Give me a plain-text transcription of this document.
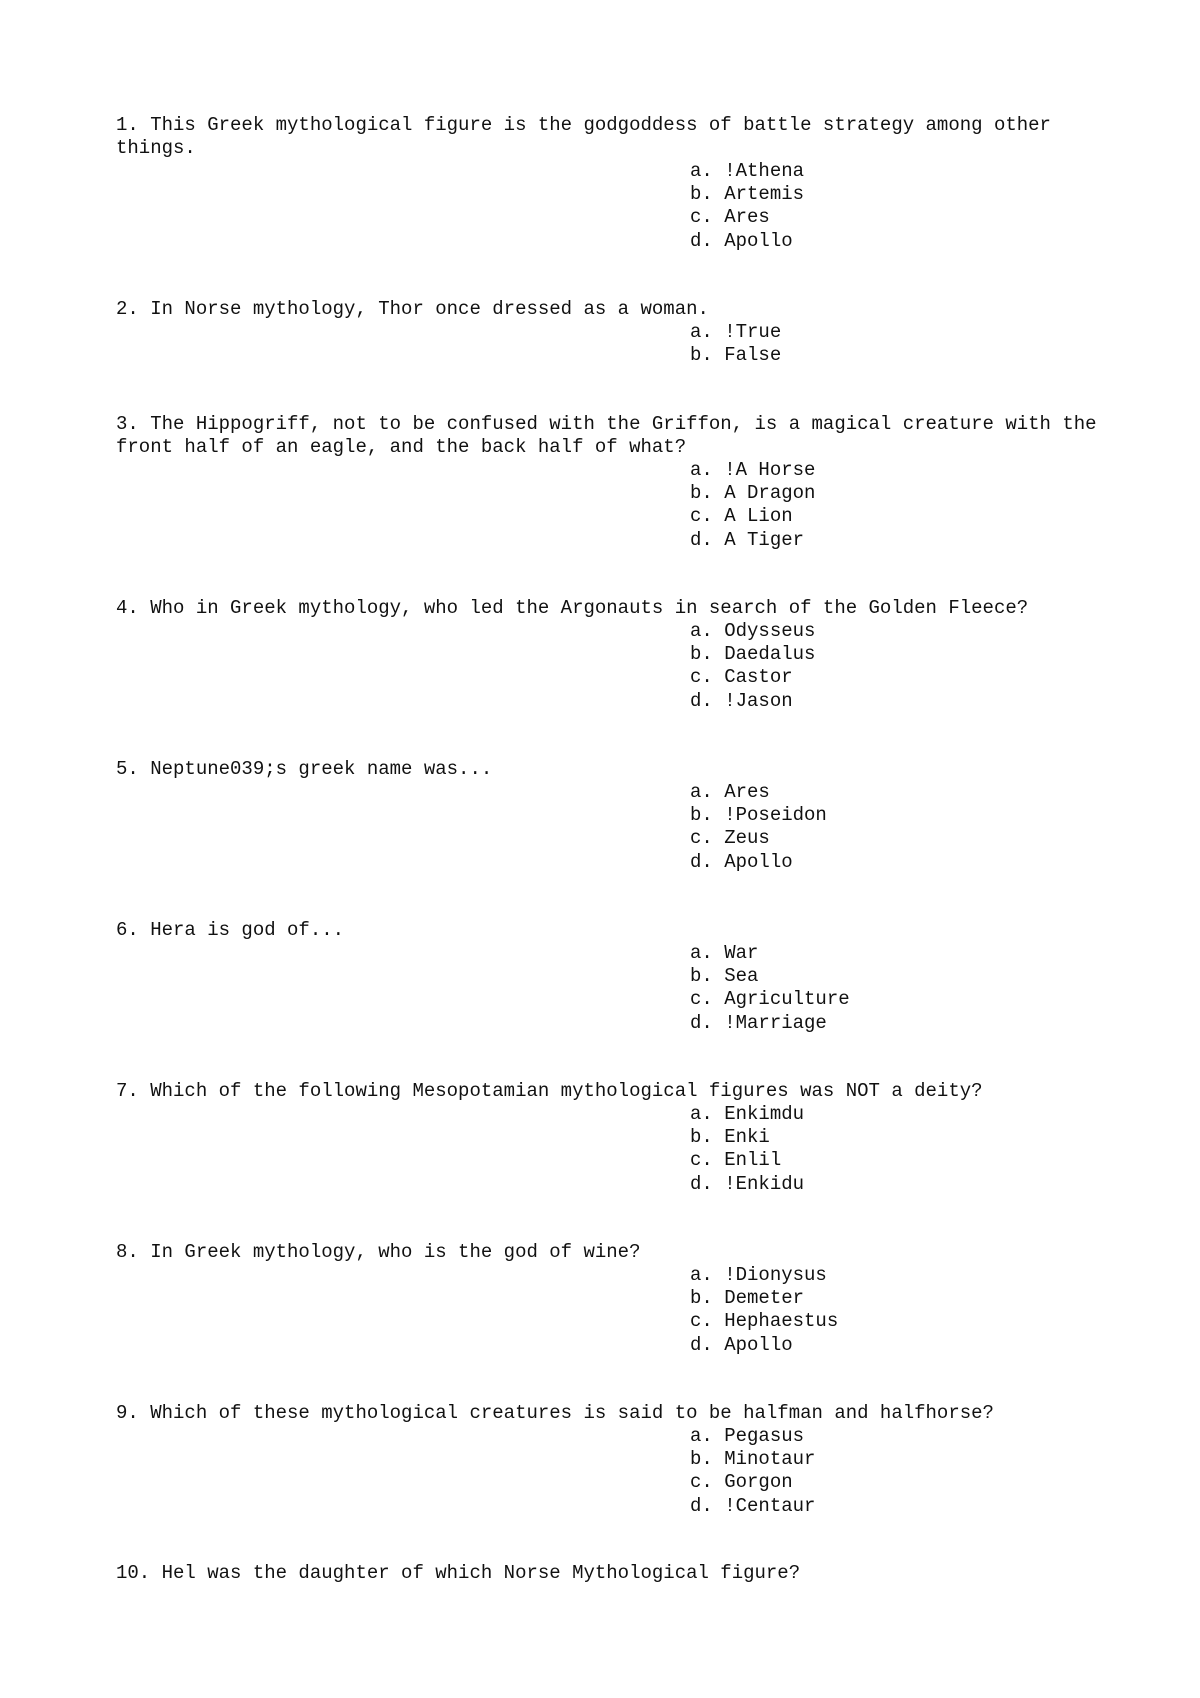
1. This Greek mythological figure is the godgoddess of battle strategy among other things.

a. !Athena
b. Artemis
c. Ares
d. Apollo

2. In Norse mythology, Thor once dressed as a woman.

a. !True
b. False

3. The Hippogriff, not to be confused with the Griffon, is a magical creature with the front half of an eagle, and the back half of what?

a. !A Horse
b. A Dragon
c. A Lion
d. A Tiger

4. Who in Greek mythology, who led the Argonauts in search of the Golden Fleece?

a. Odysseus
b. Daedalus
c. Castor
d. !Jason

5. Neptune039;s greek name was...

a. Ares
b. !Poseidon
c. Zeus
d. Apollo

6. Hera is god of...

a. War
b. Sea
c. Agriculture
d. !Marriage

7. Which of the following Mesopotamian mythological figures was NOT a deity?

a. Enkimdu
b. Enki
c. Enlil
d. !Enkidu

8. In Greek mythology, who is the god of wine?

a. !Dionysus
b. Demeter
c. Hephaestus
d. Apollo

9. Which of these mythological creatures is said to be halfman and halfhorse?

a. Pegasus
b. Minotaur
c. Gorgon
d. !Centaur

10. Hel was the daughter of which Norse Mythological figure?
